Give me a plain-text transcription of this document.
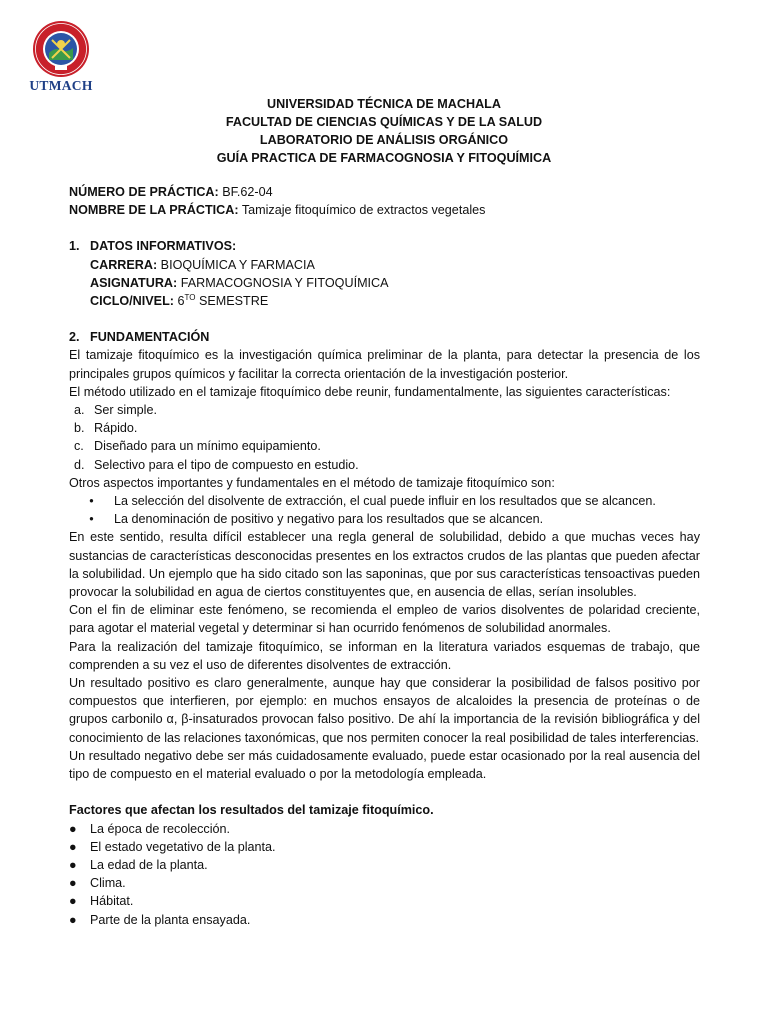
UTMACH
UNIVERSIDAD TÉCNICA DE MACHALA
FACULTAD DE CIENCIAS QUÍMICAS Y DE LA SALUD
LABORATORIO DE ANÁLISIS ORGÁNICO
GUÍA PRACTICA DE FARMACOGNOSIA Y FITOQUÍMICA
NÚMERO DE PRÁCTICA: BF.62-04
NOMBRE DE LA PRÁCTICA: Tamizaje fitoquímico de extractos vegetales
1. DATOS INFORMATIVOS:
CARRERA: BIOQUÍMICA Y FARMACIA
ASIGNATURA: FARMACOGNOSIA Y FITOQUÍMICA
CICLO/NIVEL: $6^{TO}$ SEMESTRE
2. FUNDAMENTACIÓN
El tamizaje fitoquímico es la investigación química preliminar de la planta, para detectar la presencia de los principales grupos químicos y facilitar la correcta orientación de la investigación posterior.
El método utilizado en el tamizaje fitoquímico debe reunir, fundamentalmente, las siguientes características:
a. Ser simple.
b. Rápido.
c. Diseñado para un mínimo equipamiento.
d. Selectivo para el tipo de compuesto en estudio.
Otros aspectos importantes y fundamentales en el método de tamizaje fitoquímico son:
•	La selección del disolvente de extracción, el cual puede influir en los resultados que se alcancen.
•	La denominación de positivo y negativo para los resultados que se alcancen.
En este sentido, resulta difícil establecer una regla general de solubilidad, debido a que muchas veces hay sustancias de características desconocidas presentes en los extractos crudos de las plantas que pueden afectar la solubilidad. Un ejemplo que ha sido citado son las saponinas, que por sus características tensoactivas pueden provocar la solubilidad en agua de ciertos constituyentes que, en ausencia de ellas, serían insolubles.
Con el fin de eliminar este fenómeno, se recomienda el empleo de varios disolventes de polaridad creciente, para agotar el material vegetal y determinar si han ocurrido fenómenos de solubilidad anormales.
Para la realización del tamizaje fitoquímico, se informan en la literatura variados esquemas de trabajo, que comprenden a su vez el uso de diferentes disolventes de extracción.
Un resultado positivo es claro generalmente, aunque hay que considerar la posibilidad de falsos positivo por compuestos que interfieren, por ejemplo: en muchos ensayos de alcaloides la presencia de proteínas o de grupos carbonilo α, β-insaturados provocan falso positivo. De ahí la importancia de la revisión bibliográfica y del conocimiento de las relaciones taxonómicas, que nos permiten conocer la real posibilidad de tales interferencias.
Un resultado negativo debe ser más cuidadosamente evaluado, puede estar ocasionado por la real ausencia del tipo de compuesto en el material evaluado o por la metodología empleada.
Factores que afectan los resultados del tamizaje fitoquímico.
●	La época de recolección.
●	El estado vegetativo de la planta.
●	La edad de la planta.
●	Clima.
●	Hábitat.
●	Parte de la planta ensayada.
